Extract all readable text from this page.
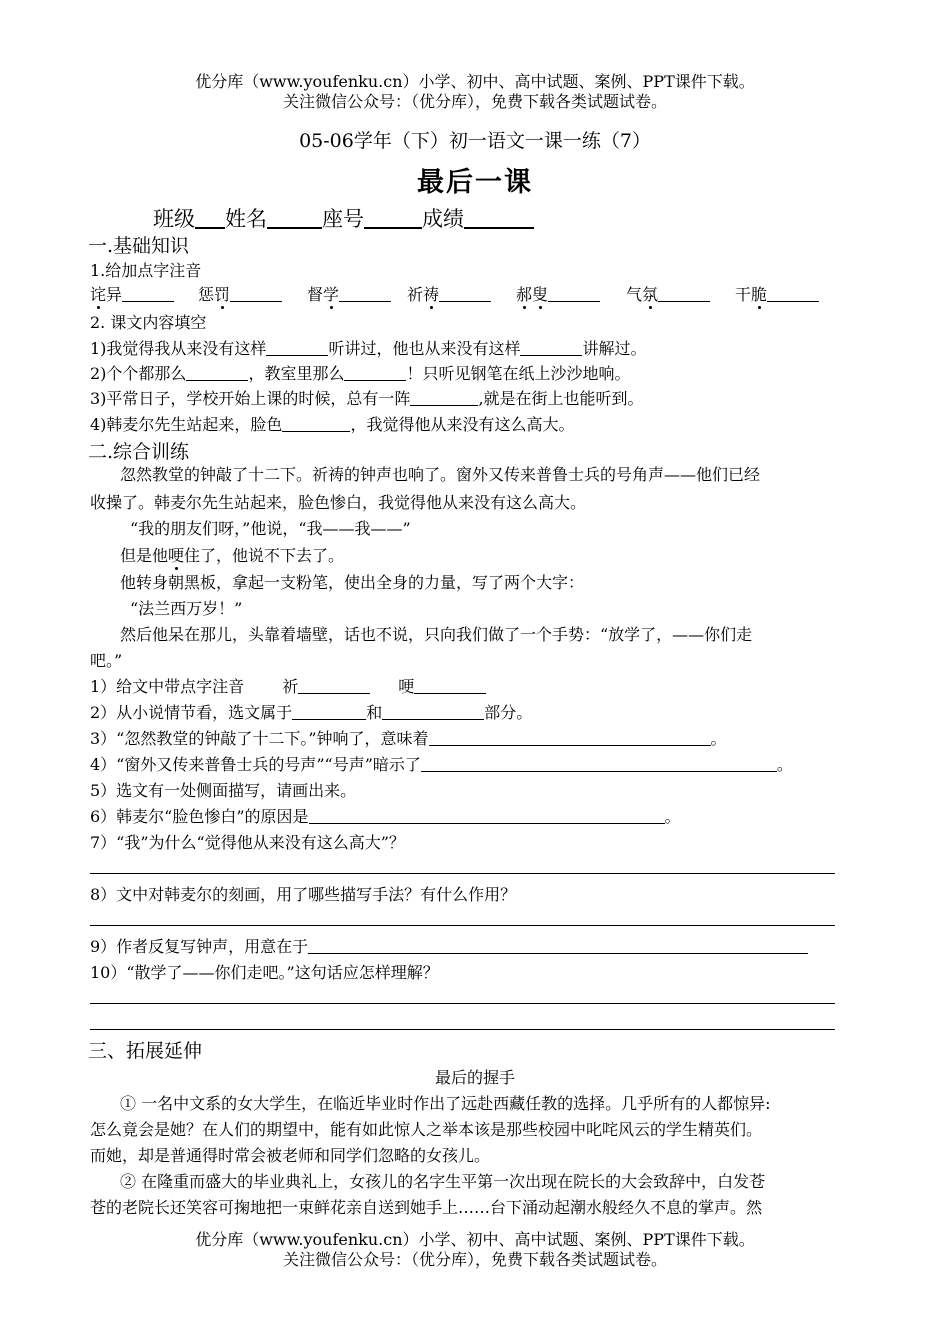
优分库（www.youfenku.cn）小学、初中、高中试题、案例、PPT课件下载。
关注微信公众号：（优分库），免费下载各类试题试卷。
05-06学年（下）初一语文一课一练（7）
最后一课
班级 姓名	座号	成绩
一.基础知识
1.给加点字注音
诧异	惩罚	督学	祈祷	郝叟	气氛	干脆
2. 课文内容填空
1)我觉得我从来没有这样	听讲过，他也从来没有这样	讲解过。
2)个个都那么	，教室里那么	！只听见钢笔在纸上沙沙地响。
3)平常日子，学校开始上课的时候，总有一阵	,就是在街上也能听到。
4)韩麦尔先生站起来，脸色	，我觉得他从来没有这么高大。
二.综合训练
忽然教堂的钟敲了十二下。祈祷的钟声也响了。窗外又传来普鲁士兵的号角声——他们已经
收操了。韩麦尔先生站起来，脸色惨白，我觉得他从来没有这么高大。
“我的朋友们呀，”他说，“我——我——”
但是他哽住了，他说不下去了。
他转身朝黑板，拿起一支粉笔，使出全身的力量，写了两个大字：
“法兰西万岁！”
然后他呆在那儿，头靠着墙壁，话也不说，只向我们做了一个手势：“放学了，——你们走
吧。”
1）给文中带点字注音 祈	哽
2）从小说情节看，选文属于	和	部分。
3）“忽然教堂的钟敲了十二下。”钟响了，意味着	。
4）“窗外又传来普鲁士兵的号声”“号声”暗示了	。
5）选文有一处侧面描写，请画出来。
6）韩麦尔“脸色惨白”的原因是	。
7）“我”为什么“觉得他从来没有这么高大”？
8）文中对韩麦尔的刻画，用了哪些描写手法？有什么作用？
9）作者反复写钟声，用意在于
10）“散学了——你们走吧。”这句话应怎样理解？
三、拓展延伸
最后的握手
① 一名中文系的女大学生，在临近毕业时作出了远赴西藏任教的选择。几乎所有的人都惊异:
怎么竟会是她？在人们的期望中，能有如此惊人之举本该是那些校园中叱咤风云的学生精英们。
而她，却是普通得时常会被老师和同学们忽略的女孩儿。
② 在隆重而盛大的毕业典礼上，女孩儿的名字生平第一次出现在院长的大会致辞中，白发苍
苍的老院长还笑容可掬地把一束鲜花亲自送到她手上……台下涌动起潮水般经久不息的掌声。然
优分库（www.youfenku.cn）小学、初中、高中试题、案例、PPT课件下载。
关注微信公众号：（优分库），免费下载各类试题试卷。
